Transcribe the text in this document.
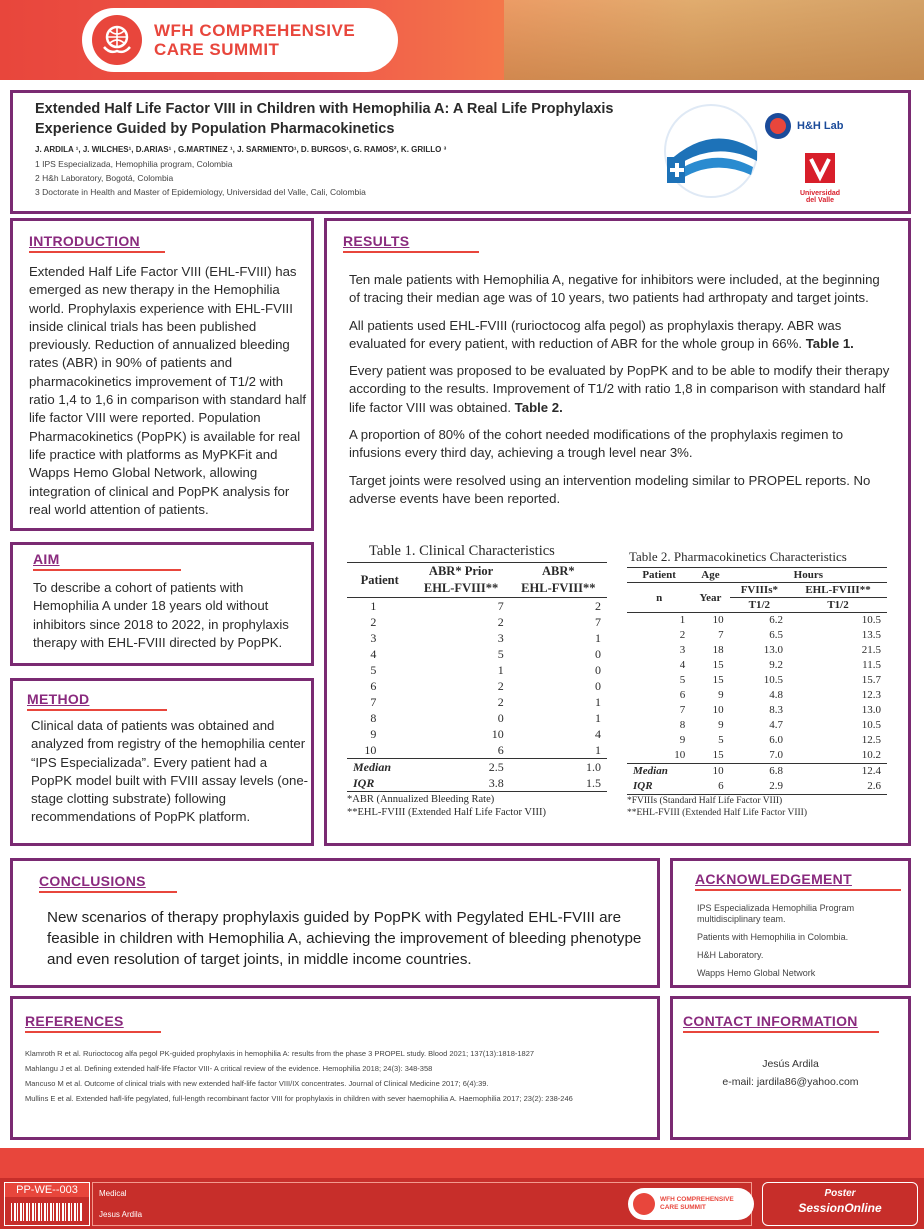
WFH COMPREHENSIVE
CARE SUMMIT
Extended Half Life Factor VIII in Children with Hemophilia A: A Real Life Prophylaxis Experience Guided by Population Pharmacokinetics
J. ARDILA ¹, J. WILCHES¹, D.ARIAS¹ , G.MARTINEZ ¹, J. SARMIENTO¹, D. BURGOS¹, G. RAMOS², K. GRILLO ³
1 IPS Especializada, Hemophilia program, Colombia
2 H&h Laboratory, Bogotá, Colombia
3 Doctorate in Health and Master of Epidemiology, Universidad del Valle, Cali, Colombia
H&H Lab
Universidad
del Valle
INTRODUCTION
Extended Half Life Factor VIII (EHL-FVIII) has emerged as new therapy in the Hemophilia world. Prophylaxis experience with EHL-FVIII inside clinical trials has been published previously. Reduction of annualized bleeding rates (ABR) in 90% of patients and pharmacokinetics improvement of T1/2 with ratio 1,4 to 1,6 in comparison with standard half life factor VIII were reported. Population Pharmacokinetics (PopPK) is available for real life practice with platforms as MyPKFit and Wapps Hemo Global Network, allowing integration of clinical and PopPK analysis for real world attention of patients.
AIM
To describe a cohort of patients with Hemophilia A under 18 years old without inhibitors since 2018 to 2022, in prophylaxis therapy with EHL-FVIII directed by PopPK.
METHOD
Clinical data of patients was obtained and analyzed from registry of the hemophilia center “IPS Especializada”. Every patient had a PopPK model built with FVIII assay levels (one-stage clotting substrate) following recommendations of PopPK platform.
RESULTS

Ten male patients with Hemophilia A, negative for inhibitors were included, at the beginning of tracing their median age was of 10 years, two patients had arthropaty and target joints.

All patients used EHL-FVIII (rurioctocog alfa pegol) as prophylaxis therapy. ABR was evaluated for every patient, with reduction of ABR for the whole group in 66%. Table 1.

Every patient was proposed to be evaluated by PopPK and to be able to modify their therapy according to the results. Improvement of T1/2 with ratio 1,8 in comparison with standard half life factor VIII was obtained. Table 2.

A proportion of 80% of the cohort needed modifications of the prophylaxis regimen to infusions every third day, achieving a trough level near 3%.

Target joints were resolved using an intervention modeling similar to PROPEL reports. No adverse events have been reported.

Table 1. Clinical Characteristics
Patient	ABR* Prior	ABR*
	EHL-FVIII**	EHL-FVIII**
1	7	2
2	2	7
3	3	1
4	5	0
5	1	0
6	2	0
7	2	1
8	0	1
9	10	4
10	6	1
Median	2.5	1.0
IQR	3.8	1.5
*ABR (Annualized Bleeding Rate)
**EHL-FVIII (Extended Half Life Factor VIII)
Table 2. Pharmacokinetics Characteristics
Patient	Age	Hours	
n	Year	FVIIIs*	EHL-FVIII**
		T1/2	T1/2
1	10	6.2	10.5
2	7	6.5	13.5
3	18	13.0	21.5
4	15	9.2	11.5
5	15	10.5	15.7
6	9	4.8	12.3
7	10	8.3	13.0
8	9	4.7	10.5
9	5	6.0	12.5
10	15	7.0	10.2
Median	10	6.8	12.4
IQR	6	2.9	2.6
*FVIIIs (Standard Half Life Factor VIII)
**EHL-FVIII (Extended Half Life Factor VIII)
CONCLUSIONS
New scenarios of therapy prophylaxis guided by PopPK with Pegylated EHL-FVIII are feasible in children with Hemophilia A, achieving the improvement of bleeding phenotype and even resolution of target joints, in middle income countries.
ACKNOWLEDGEMENT
IPS Especializada Hemophilia Program multidisciplinary team.
Patients with Hemophilia in Colombia.
H&H Laboratory.
Wapps Hemo Global Network
REFERENCES
Klamroth R et al. Rurioctocog alfa pegol PK-guided prophylaxis in hemophilia A: results from the phase 3 PROPEL study. Blood 2021; 137(13):1818-1827
Mahlangu J et al. Defining extended half-life Ffactor VIII- A critical review of the evidence. Hemophilia 2018; 24(3): 348-358
Mancuso M et al. Outcome of clinical trials with new extended half-life factor VIII/IX concentrates. Journal of Clinical Medicine 2017; 6(4):39.
Mullins E et al. Extended hafl-life pegylated, full-length recombinant factor VIII for prophylaxis in children with sever haemophilia A. Haemophilia 2017; 23(2): 238-246
CONTACT INFORMATION
Jesús Ardila
e-mail: jardila86@yahoo.com
PP-WE--003	Medical
Jesus Ardila
WFH COMPREHENSIVE
CARE SUMMIT
Poster
SessionOnline
